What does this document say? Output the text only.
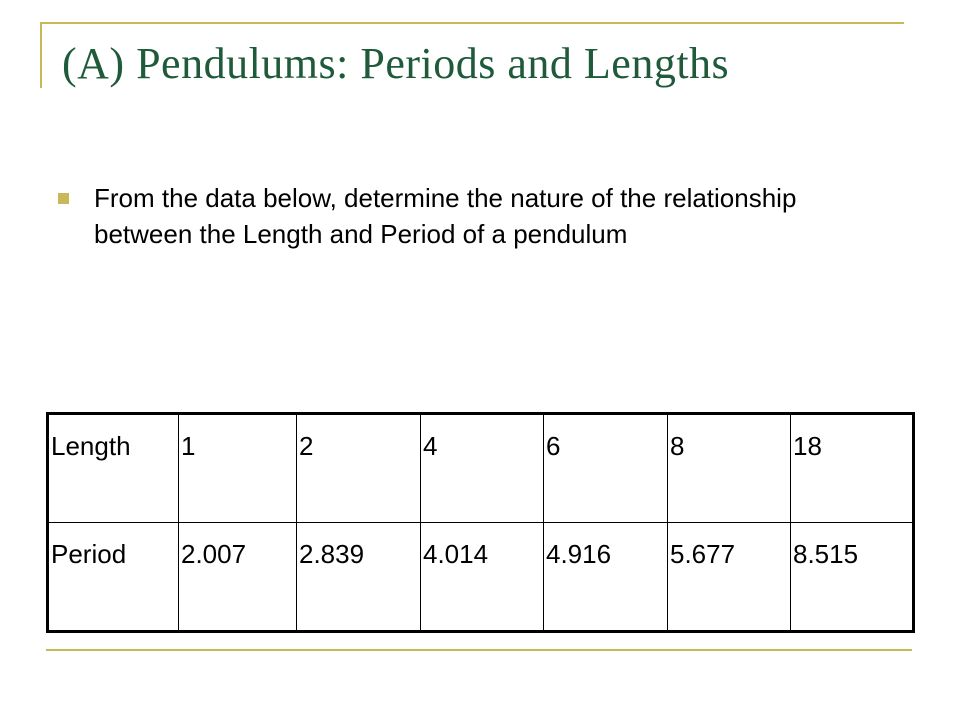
(A) Pendulums: Periods and Lengths
From the data below, determine the nature of the relationship between the Length and Period of a pendulum
Length	1	2	4	6	8	18
Period	2.007	2.839	4.014	4.916	5.677	8.515
